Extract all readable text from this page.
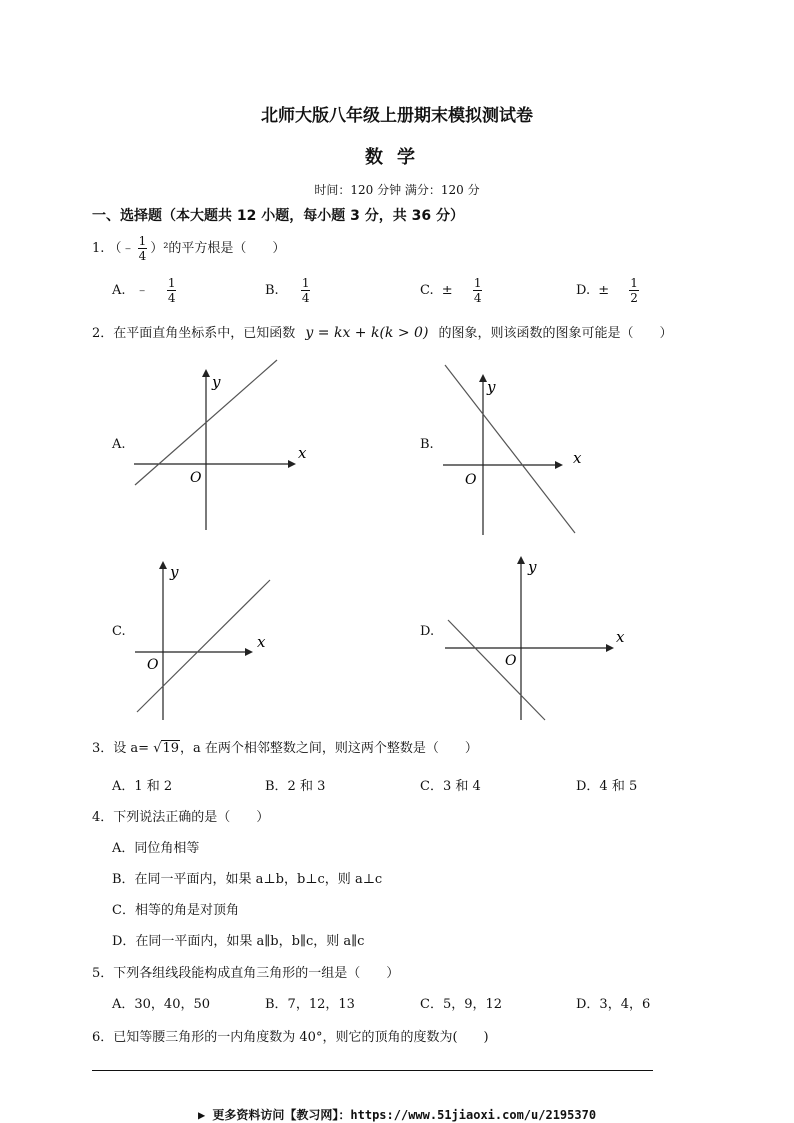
北师大版八年级上册期末模拟测试卷
数学
时间：120 分钟 满分：120 分
一、选择题（本大题共 12 小题，每小题 3 分，共 36 分）
1. （﹣ $\frac{1}{4} )^2$的平方根是（　　）
A. ﹣ $\frac{1}{4}$	B. $\frac{1}{4}$	C. ± $\frac{1}{4}$	D. ± $\frac{1}{2}$
2．在平面直角坐标系中，已知函数 y = kx + k(k > 0) 的图象，则该函数的图象可能是（　　）
A.	B.
C.	D.
x
y
O
x
y
O
x
y
O
x
y
O
3．设 a= √19，a 在两个相邻整数之间，则这两个整数是（　　）
A．1 和 2	B．2 和 3	C．3 和 4	D．4 和 5
4．下列说法正确的是（　　）
A．同位角相等
B．在同一平面内，如果 a⊥b，b⊥c，则 a⊥c
C．相等的角是对顶角
D．在同一平面内，如果 a∥b，b∥c，则 a∥c
5．下列各组线段能构成直角三角形的一组是（　　）
A．30，40，50	B．7，12，13	C．5，9，12	D．3，4，6
6．已知等腰三角形的一内角度数为 40°，则它的顶角的度数为(　　)
▶ 更多资料访问【教习网】：https://www.51jiaoxi.com/u/2195370
